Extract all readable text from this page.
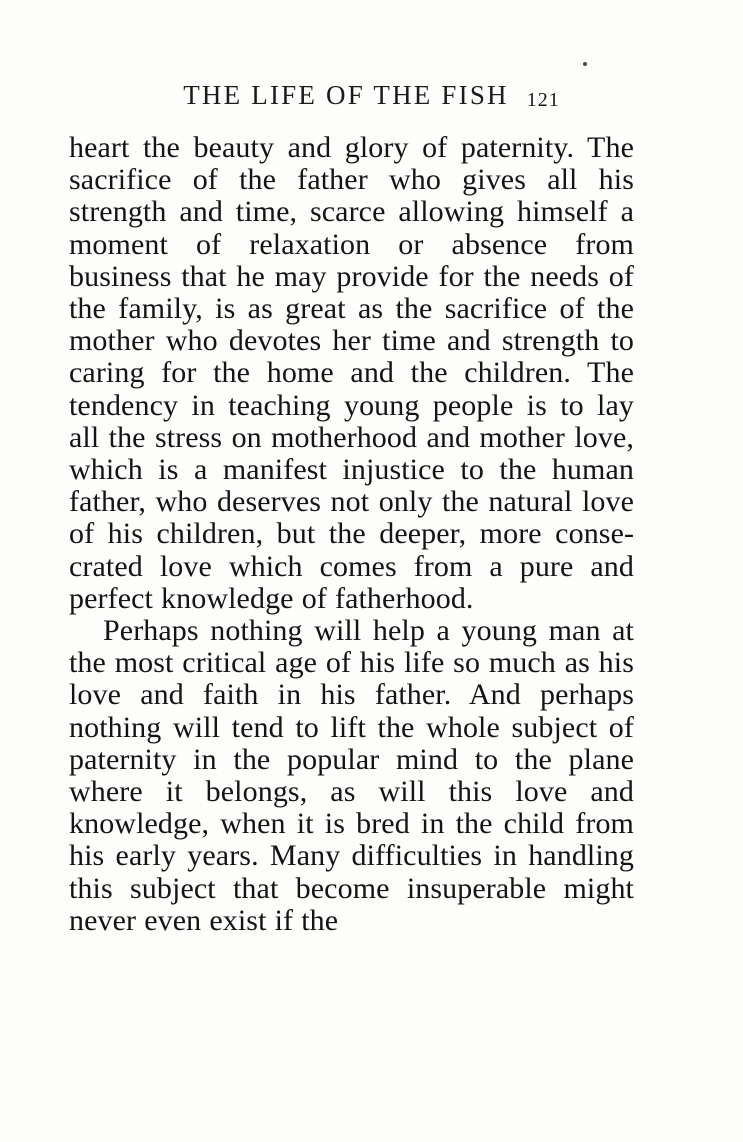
THE LIFE OF THE FISH 121

heart the beauty and glory of paternity. The sacrifice of the father who gives all his strength and time, scarce allowing himself a moment of relaxation or absence from business that he may provide for the needs of the family, is as great as the sacrifice of the mother who devotes her time and strength to caring for the home and the children. The tendency in teaching young people is to lay all the stress on motherhood and mother love, which is a manifest injustice to the human father, who deserves not only the natural love of his children, but the deeper, more consecrated love which comes from a pure and perfect knowledge of fatherhood.

Perhaps nothing will help a young man at the most critical age of his life so much as his love and faith in his father. And perhaps nothing will tend to lift the whole subject of paternity in the popular mind to the plane where it belongs, as will this love and knowledge, when it is bred in the child from his early years. Many difficulties in handling this subject that become insuperable might never even exist if the
